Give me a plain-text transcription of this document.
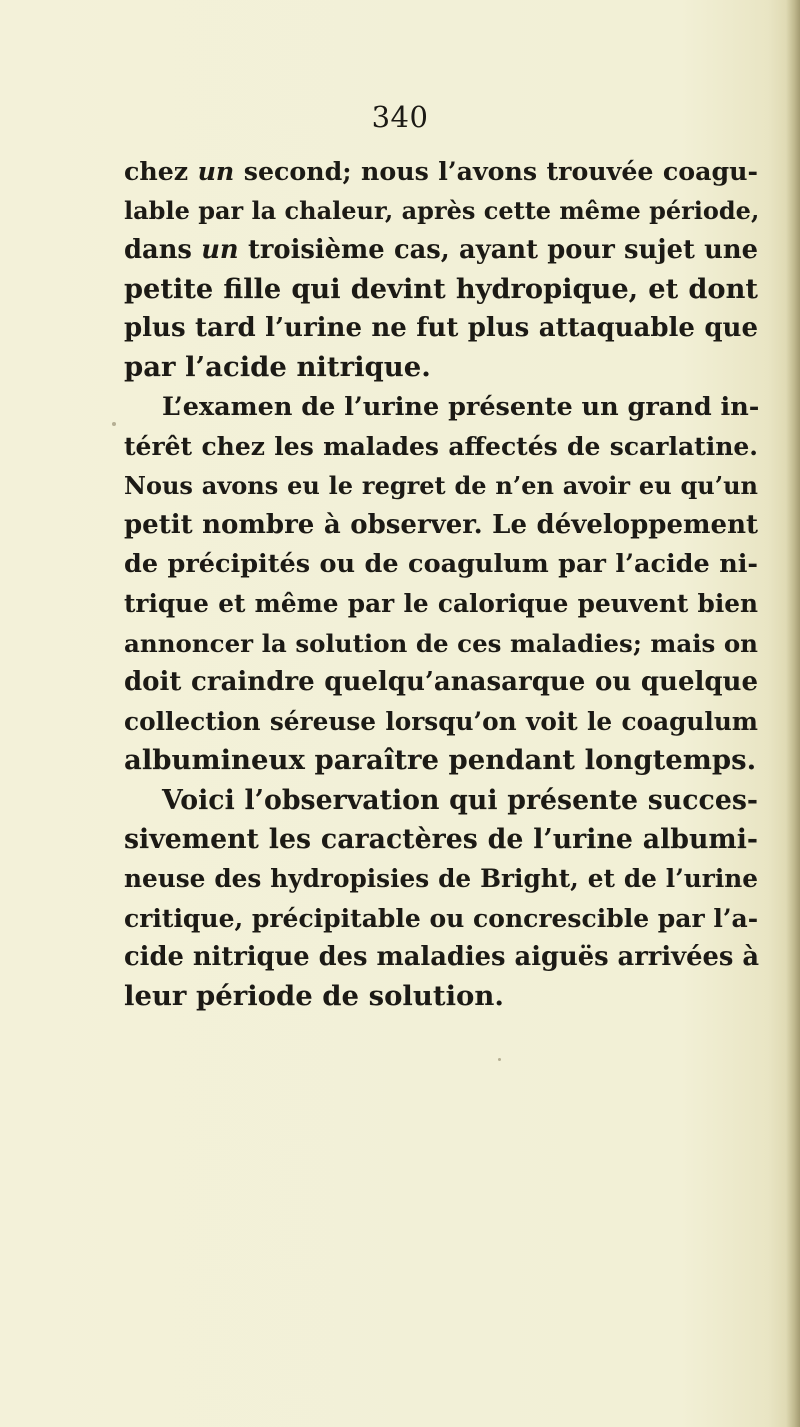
340
chez un second; nous l’avons trouvée coagu-
lable par la chaleur, après cette même période,
dans un troisième cas, ayant pour sujet une
petite fille qui devint hydropique, et dont
plus tard l’urine ne fut plus attaquable que
par l’acide nitrique.
L’examen de l’urine présente un grand in-
térêt chez les malades affectés de scarlatine.
Nous avons eu le regret de n’en avoir eu qu’un
petit nombre à observer. Le développement
de précipités ou de coagulum par l’acide ni-
trique et même par le calorique peuvent bien
annoncer la solution de ces maladies; mais on
doit craindre quelqu’anasarque ou quelque
collection séreuse lorsqu’on voit le coagulum
albumineux paraître pendant longtemps.
Voici l’observation qui présente succes-
sivement les caractères de l’urine albumi-
neuse des hydropisies de Bright, et de l’urine
critique, précipitable ou concrescible par l’a-
cide nitrique des maladies aiguës arrivées à
leur période de solution.
